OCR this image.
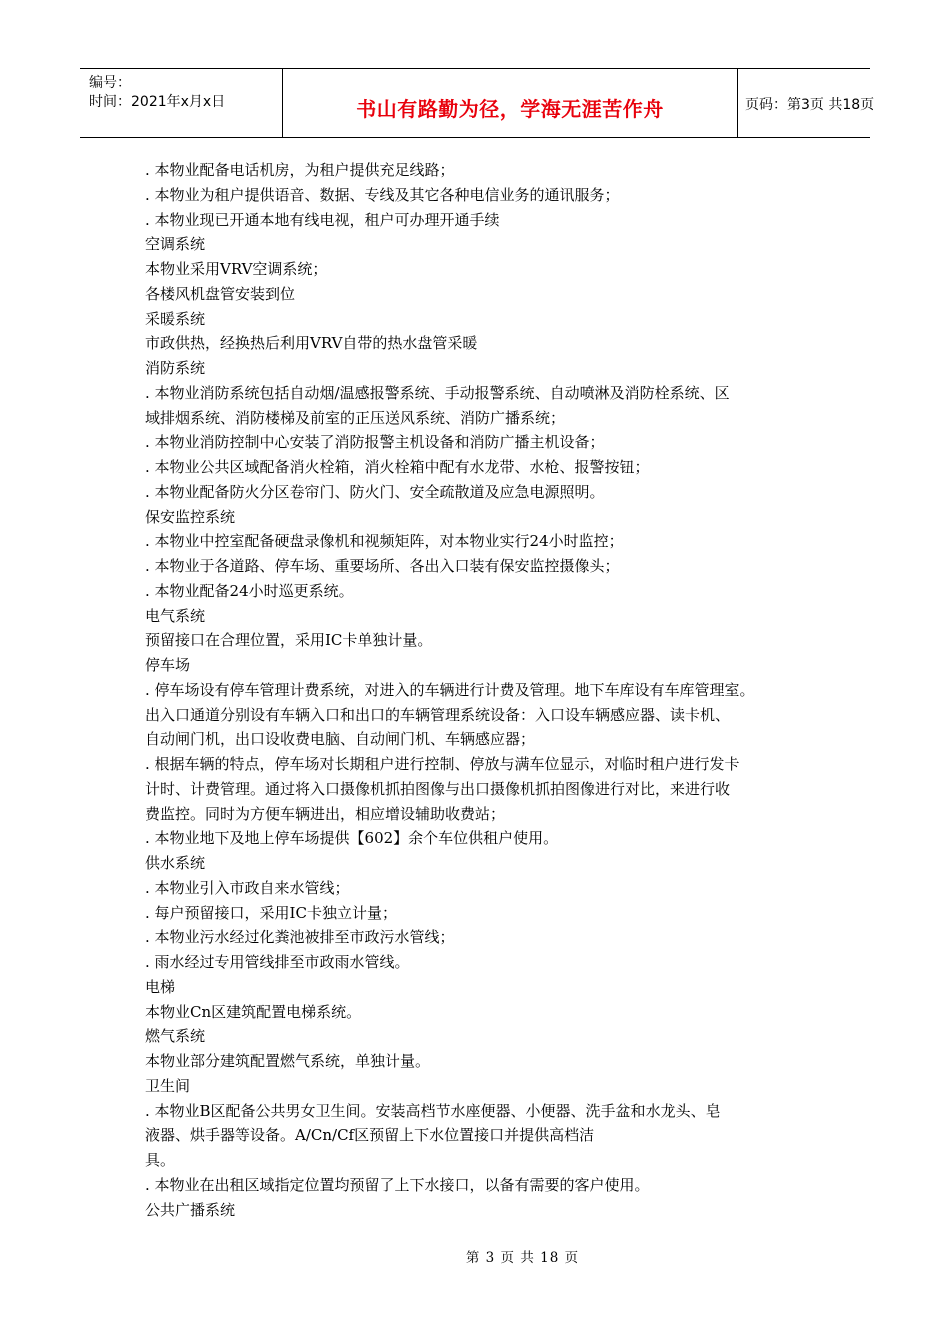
编号：
时间：2021年x月x日	书山有路勤为径，学海无涯苦作舟	页码：第3页 共18页
. 本物业配备电话机房，为租户提供充足线路；
. 本物业为租户提供语音、数据、专线及其它各种电信业务的通讯服务；
. 本物业现已开通本地有线电视，租户可办理开通手续
空调系统
本物业采用VRV空调系统；
各楼风机盘管安装到位
采暖系统
市政供热，经换热后利用VRV自带的热水盘管采暖
消防系统
. 本物业消防系统包括自动烟/温感报警系统、手动报警系统、自动喷淋及消防栓系统、区
域排烟系统、消防楼梯及前室的正压送风系统、消防广播系统；
. 本物业消防控制中心安装了消防报警主机设备和消防广播主机设备；
. 本物业公共区域配备消火栓箱，消火栓箱中配有水龙带、水枪、报警按钮；
. 本物业配备防火分区卷帘门、防火门、安全疏散道及应急电源照明。
保安监控系统
. 本物业中控室配备硬盘录像机和视频矩阵，对本物业实行24小时监控；
. 本物业于各道路、停车场、重要场所、各出入口装有保安监控摄像头；
. 本物业配备24小时巡更系统。
电气系统
预留接口在合理位置，采用IC卡单独计量。
停车场
. 停车场设有停车管理计费系统，对进入的车辆进行计费及管理。地下车库设有车库管理室。
出入口通道分别设有车辆入口和出口的车辆管理系统设备：入口设车辆感应器、读卡机、
自动闸门机，出口设收费电脑、自动闸门机、车辆感应器；
. 根据车辆的特点，停车场对长期租户进行控制、停放与满车位显示，对临时租户进行发卡
计时、计费管理。通过将入口摄像机抓拍图像与出口摄像机抓拍图像进行对比，来进行收
费监控。同时为方便车辆进出，相应增设辅助收费站；
. 本物业地下及地上停车场提供【602】余个车位供租户使用。
供水系统
. 本物业引入市政自来水管线；
. 每户预留接口，采用IC卡独立计量；
. 本物业污水经过化粪池被排至市政污水管线；
. 雨水经过专用管线排至市政雨水管线。
电梯
本物业Cn区建筑配置电梯系统。
燃气系统
本物业部分建筑配置燃气系统，单独计量。
卫生间
. 本物业B区配备公共男女卫生间。安装高档节水座便器、小便器、洗手盆和水龙头、皂
液器、烘手器等设备。A/Cn/Cf区预留上下水位置接口并提供高档洁
具。
. 本物业在出租区域指定位置均预留了上下水接口，以备有需要的客户使用。
公共广播系统
第 3 页 共 18 页
